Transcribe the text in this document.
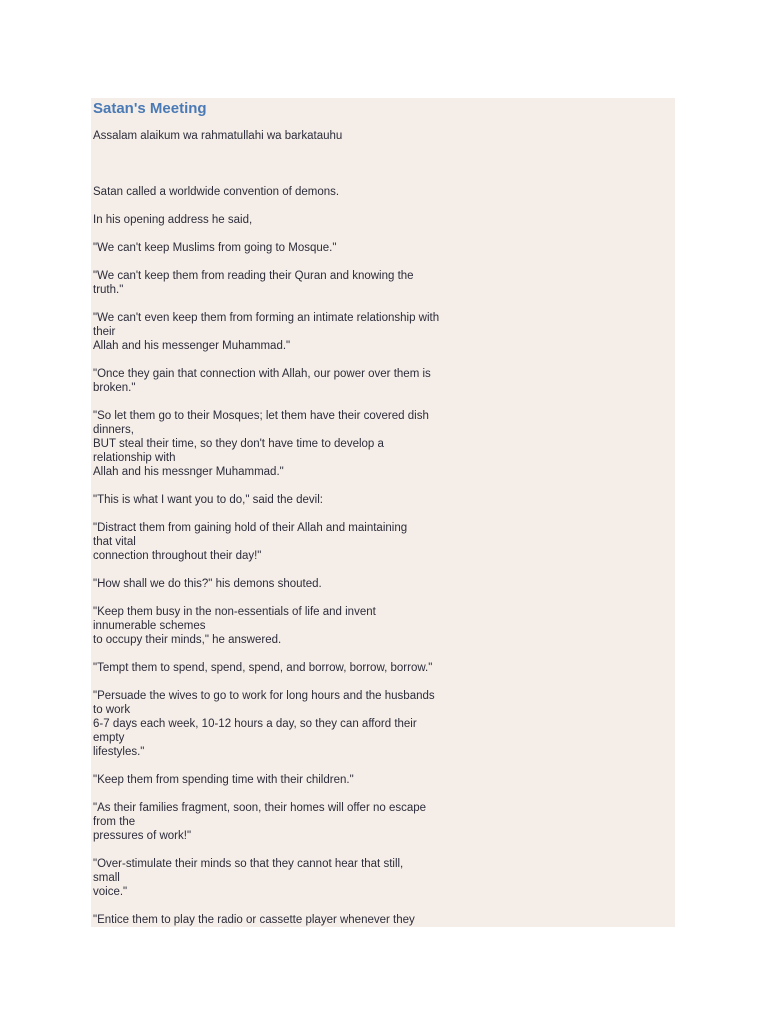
Satan's Meeting

Assalam alaikum wa rahmatullahi wa barkatauhu

Satan called a worldwide convention of demons.

In his opening address he said,

"We can't keep Muslims from going to Mosque."

"We can't keep them from reading their Quran and knowing the
truth."

"We can't even keep them from forming an intimate relationship with
their
Allah and his messenger Muhammad."

"Once they gain that connection with Allah, our power over them is
broken."

"So let them go to their Mosques; let them have their covered dish
dinners,
BUT steal their time, so they don't have time to develop a
relationship with
Allah and his messnger Muhammad."

"This is what I want you to do," said the devil:

"Distract them from gaining hold of their Allah and maintaining
that vital
connection throughout their day!"

"How shall we do this?" his demons shouted.

"Keep them busy in the non-essentials of life and invent
innumerable schemes
to occupy their minds," he answered.

"Tempt them to spend, spend, spend, and borrow, borrow, borrow."

"Persuade the wives to go to work for long hours and the husbands
to work
6-7 days each week, 10-12 hours a day, so they can afford their
empty
lifestyles."

"Keep them from spending time with their children."

"As their families fragment, soon, their homes will offer no escape
from the
pressures of work!"

"Over-stimulate their minds so that they cannot hear that still,
small
voice."

"Entice them to play the radio or cassette player whenever they
